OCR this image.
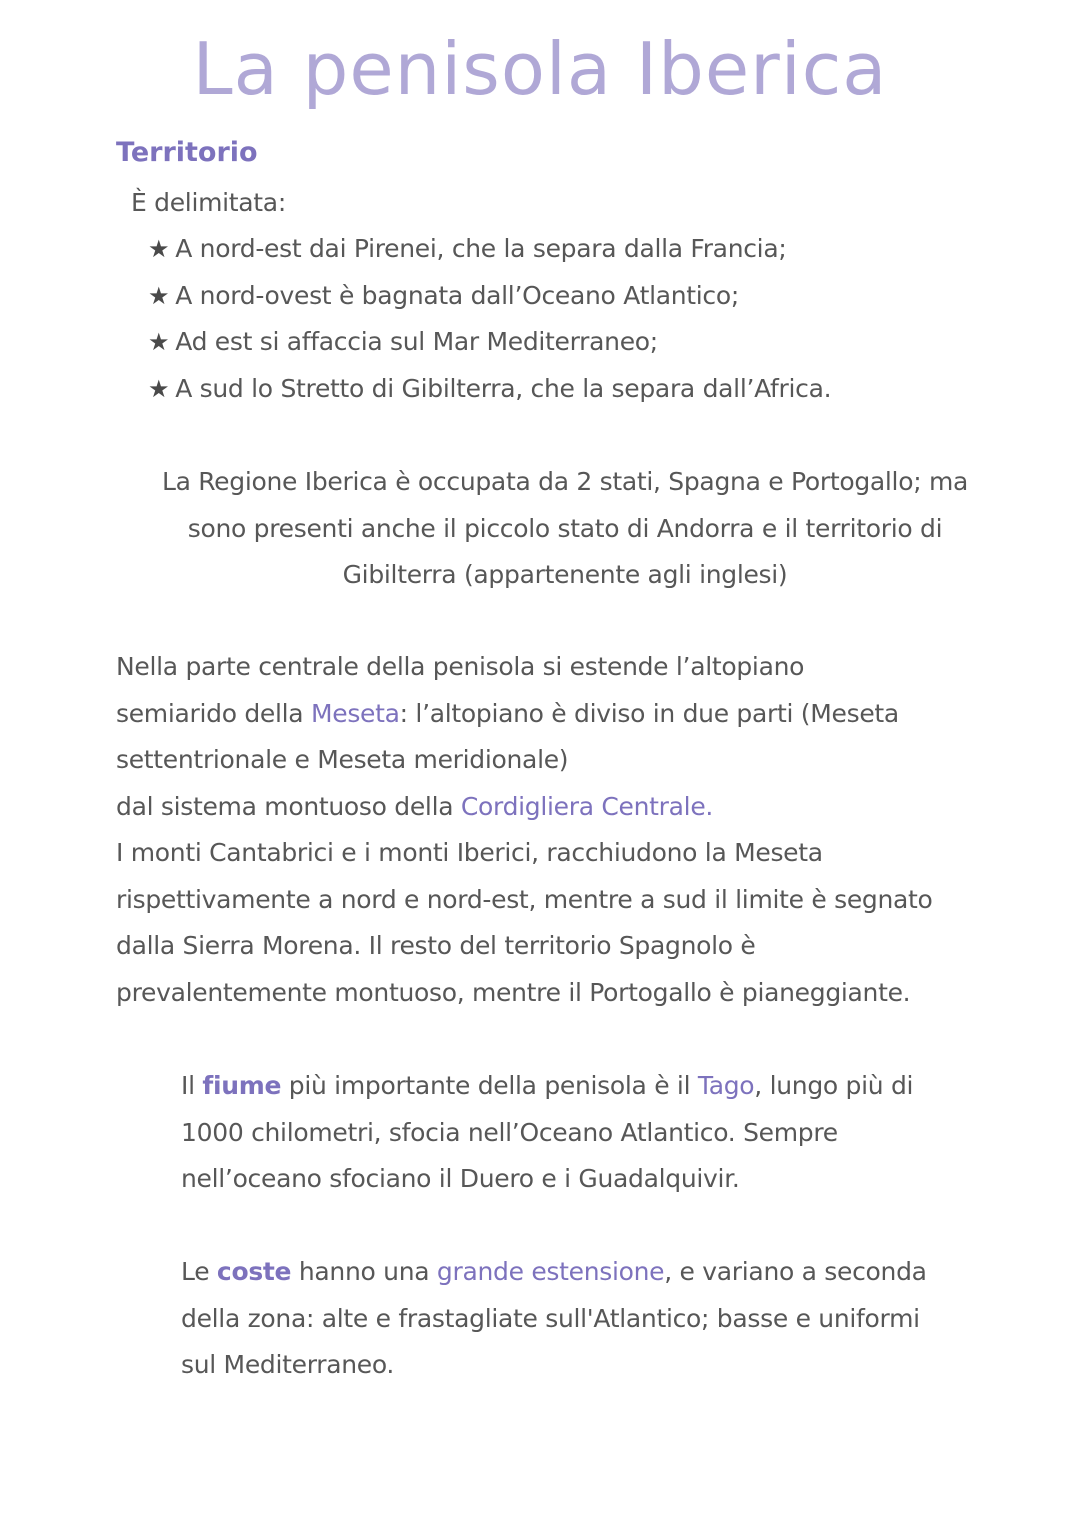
La penisola Iberica
Territorio
È delimitata:
★ A nord-est dai Pirenei, che la separa dalla Francia;
★ A nord-ovest è bagnata dall’Oceano Atlantico;
★ Ad est si affaccia sul Mar Mediterraneo;
★ A sud lo Stretto di Gibilterra, che la separa dall’Africa.
La Regione Iberica è occupata da 2 stati, Spagna e Portogallo; ma
sono presenti anche il piccolo stato di Andorra e il territorio di
Gibilterra (appartenente agli inglesi)
Nella parte centrale della penisola si estende l’altopiano
semiarido della Meseta: l’altopiano è diviso in due parti (Meseta
settentrionale e Meseta meridionale)
dal sistema montuoso della Cordigliera Centrale.
I monti Cantabrici e i monti Iberici, racchiudono la Meseta
rispettivamente a nord e nord-est, mentre a sud il limite è segnato
dalla Sierra Morena. Il resto del territorio Spagnolo è
prevalentemente montuoso, mentre il Portogallo è pianeggiante.
Il fiume più importante della penisola è il Tago, lungo più di
1000 chilometri, sfocia nell’Oceano Atlantico. Sempre
nell’oceano sfociano il Duero e i Guadalquivir.
Le coste hanno una grande estensione, e variano a seconda
della zona: alte e frastagliate sull'Atlantico; basse e uniformi
sul Mediterraneo.
